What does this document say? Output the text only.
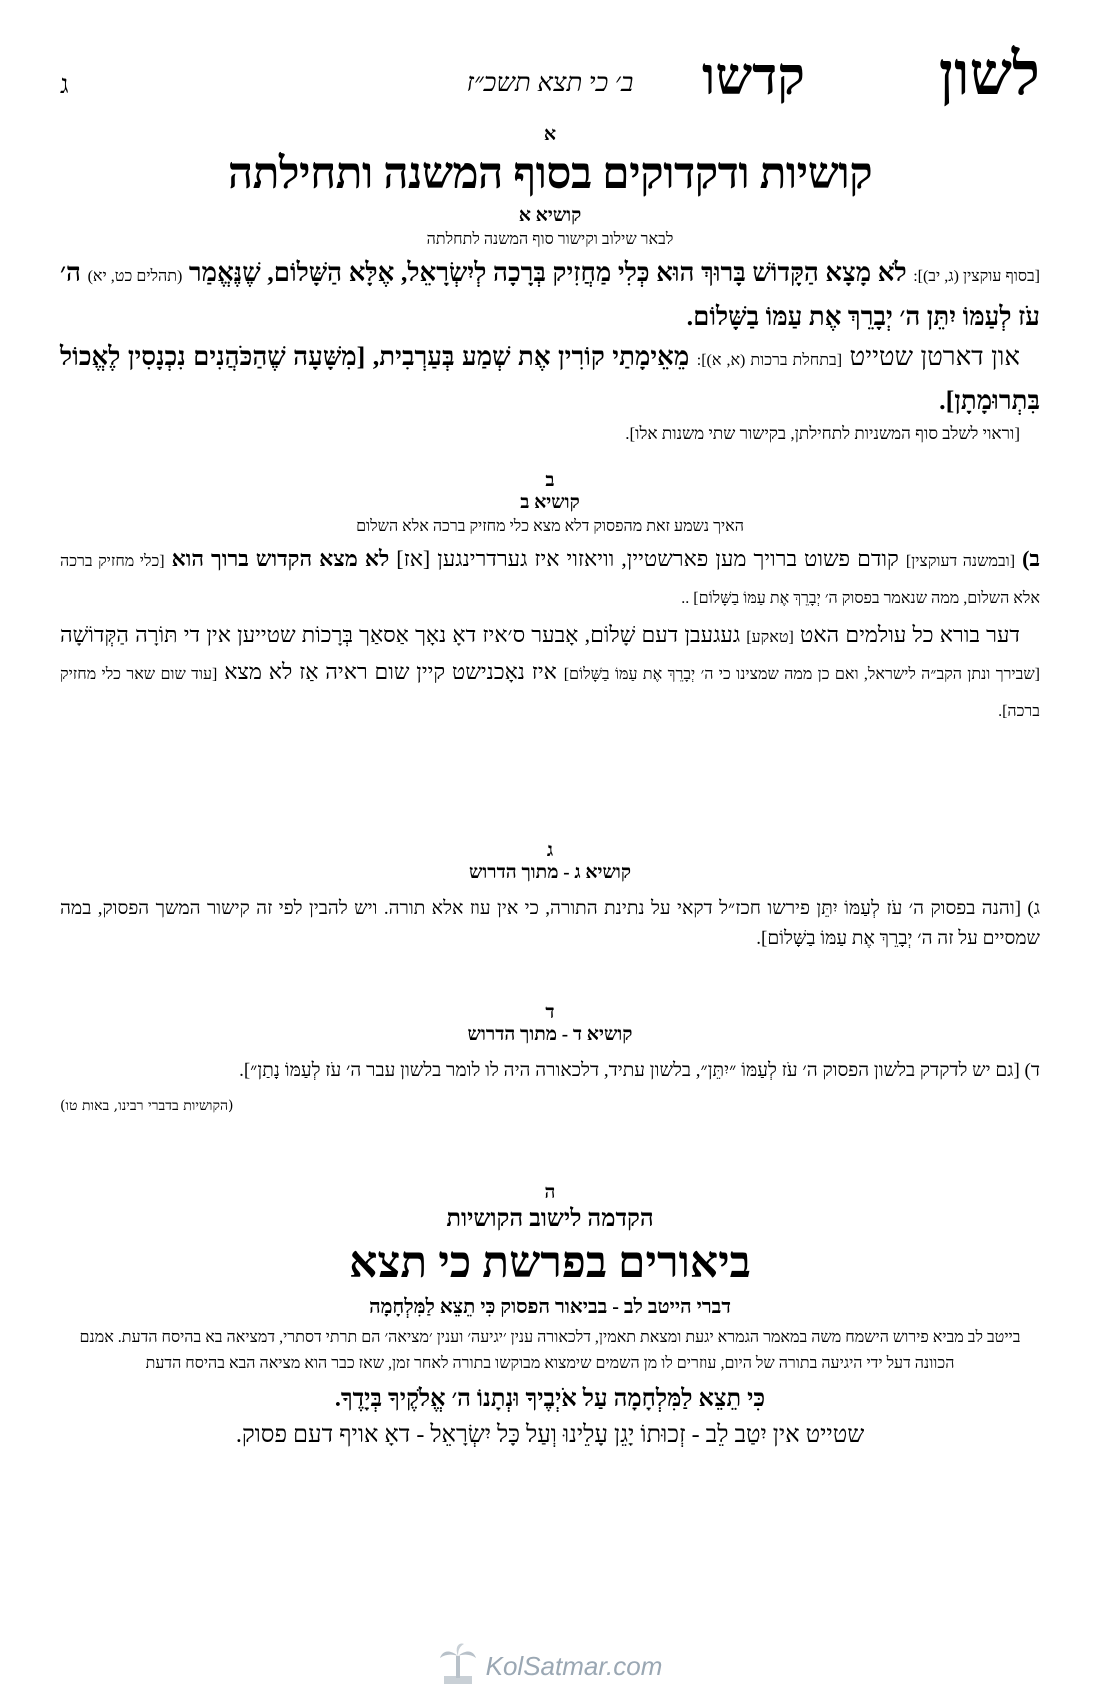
לשון
קדשו
ב׳ כי תצא תשכ״ז
ג
א
קושיות ודקדוקים בסוף המשנה ותחילתה
קושיא א
לבאר שילוב וקישור סוף המשנה לתחלתה
[בסוף עוקצין (ג, יב)]: לֹא מָצָא הַקָּדוֹשׁ בָּרוּךְ הוּא כְּלִי מַחֲזִיק בְּרָכָה לְיִשְׂרָאֵל, אֶלָּא הַשָּׁלוֹם, שֶׁנֶּאֱמַר (תהלים כט, יא) ה׳ עֹז לְעַמּוֹ יִתֵּן ה׳ יְבָרֵךְ אֶת עַמּוֹ בַשָּׁלוֹם.
און דארטן שטייט [בתחלת ברכות (א, א)]: מֵאֵימָתַי קוֹרִין אֶת שְׁמַע בְּעַרְבִית, [מִשָּׁעָה שֶׁהַכֹּהֲנִים נִכְנָסִין לֶאֱכוֹל בִּתְרוּמָתָן].
[וראוי לשלב סוף המשניות לתחילתן, בקישור שתי משנות אלו].
ב
קושיא ב
האיך נשמע זאת מהפסוק דלא מצא כלי מחזיק ברכה אלא השלום
ב) [ובמשנה דעוקצין] קודם פשוט ברויך מען פארשטיין, וויאזוי איז גערדרינגען [אז] לא מצא הקדוש ברוך הוא [כלי מחזיק ברכה אלא השלום, ממה שנאמר בפסוק ה׳ יְבָרֵךְ אֶת עַמּוֹ בַשָּׁלוֹם] ..
דער בורא כל עולמים האט [טאקע] געגעבן דעם שָׁלוֹם, אָבער ס׳איז דאָ נאָך אַסאַך בְּרָכוֹת שטייען אין די תּוֹרָה הַקְּדוֹשָׁה [שבירך ונתן הקב״ה לישראל, ואם כן ממה שמצינו כי ה׳ יְבָרֵךְ אֶת עַמּוֹ בַשָּׁלוֹם] איז נאָכנישט קיין שום ראיה אַז לא מצא [עוד שום שאר כלי מחזיק ברכה].
ג
קושיא ג - מתוך הדרוש
ג) [והנה בפסוק ה׳ עֹז לְעַמּוֹ יִתֵּן פירשו חכז״ל דקאי על נתינת התורה, כי אין עוז אלא תורה. ויש להבין לפי זה קישור המשך הפסוק, במה שמסיים על זה ה׳ יְבָרֵךְ אֶת עַמּוֹ בַשָּׁלוֹם].
ד
קושיא ד - מתוך הדרוש
ד) [גם יש לדקדק בלשון הפסוק ה׳ עֹז לְעַמּוֹ ״יִתֵּן״, בלשון עתיד, דלכאורה היה לו לומר בלשון עבר ה׳ עֹז לְעַמּוֹ נָתַן״].
(הקושיות בדברי רבינו, באות טו)
ה
הקדמה לישוב הקושיות
ביאורים בפרשת כי תצא
דברי הייטב לב - בביאור הפסוק כִּי תֵצֵא לַמִּלְחָמָה
בייטב לב מביא פירוש הישמח משה במאמר הגמרא יגעת ומצאת תאמין, דלכאורה ענין ׳יגיעה׳ וענין ׳מציאה׳ הם תרתי דסתרי, דמציאה בא בהיסח הדעת. אמנם הכוונה דעל ידי היגיעה בתורה של היום, עוזרים לו מן השמים שימצוא מבוקשו בתורה לאחר זמן, שאז כבר הוא מציאה הבא בהיסח הדעת
כִּי תֵצֵא לַמִּלְחָמָה עַל אֹיְבֶיךָ וּנְתָנוֹ ה׳ אֱלֹקֶיךָ בְּיָדֶךָ.
שטייט אין יִטַב לֵב - זְכוּתוֹ יָגֵן עָלֵינוּ וְעַל כָּל יִשְׂרָאֵל - דאָ אויף דעם פסוק.
KolSatmar.com
